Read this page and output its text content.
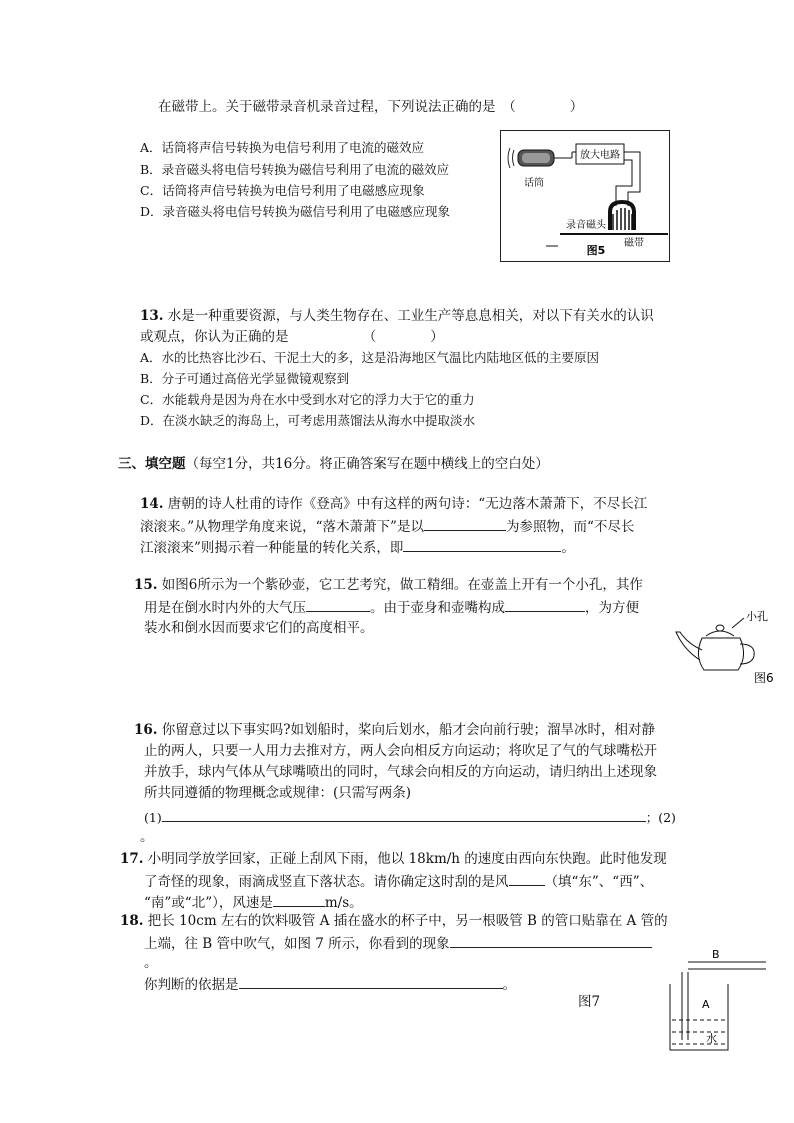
在磁带上。关于磁带录音机录音过程，下列说法正确的是　（　　　　）
A．话筒将声信号转换为电信号利用了电流的磁效应
B．录音磁头将电信号转换为磁信号利用了电流的磁效应
C．话筒将声信号转换为电信号利用了电磁感应现象
D．录音磁头将电信号转换为磁信号利用了电磁感应现象
放大电路
话筒
录音磁头
磁带
图5
13. 水是一种重要资源，与人类生物存在、工业生产等息息相关，对以下有关水的认识
或观点，你认为正确的是　　　　　　（　　　　）
A．水的比热容比沙石、干泥土大的多，这是沿海地区气温比内陆地区低的主要原因
B．分子可通过高倍光学显微镜观察到
C．水能载舟是因为舟在水中受到水对它的浮力大于它的重力
D．在淡水缺乏的海岛上，可考虑用蒸馏法从海水中提取淡水
三、填空题（每空1分，共16分。将正确答案写在题中横线上的空白处）
14. 唐朝的诗人杜甫的诗作《登高》中有这样的两句诗：“无边落木萧萧下，不尽长江
滚滚来。”从物理学角度来说，“落木萧萧下”是以	为参照物，而“不尽长
江滚滚来”则揭示着一种能量的转化关系，即	。
15. 如图6所示为一个紫砂壶，它工艺考究，做工精细。在壶盖上开有一个小孔，其作
用是在倒水时内外的大气压	。由于壶身和壶嘴构成	，为方便
装水和倒水因而要求它们的高度相平。
小孔
图6
16. 你留意过以下事实吗?如划船时，桨向后划水，船才会向前行驶；溜旱冰时，相对静
止的两人，只要一人用力去推对方，两人会向相反方向运动；将吹足了气的气球嘴松开
并放手，球内气体从气球嘴喷出的同时，气球会向相反的方向运动，请归纳出上述现象
所共同遵循的物理概念或规律：(只需写两条)
(1)	；(2)
。
17. 小明同学放学回家，正碰上刮风下雨，他以 18km/h 的速度由西向东快跑。此时他发现
了奇怪的现象，雨滴成竖直下落状态。请你确定这时刮的是风	（填“东”、“西”、
“南”或“北”），风速是	m/s。
18. 把长 10cm 左右的饮料吸管 A 插在盛水的杯子中，另一根吸管 B 的管口贴靠在 A 管的
上端，往 B 管中吹气，如图 7 所示，你看到的现象
。
你判断的依据是	。
图7
B
A
水
